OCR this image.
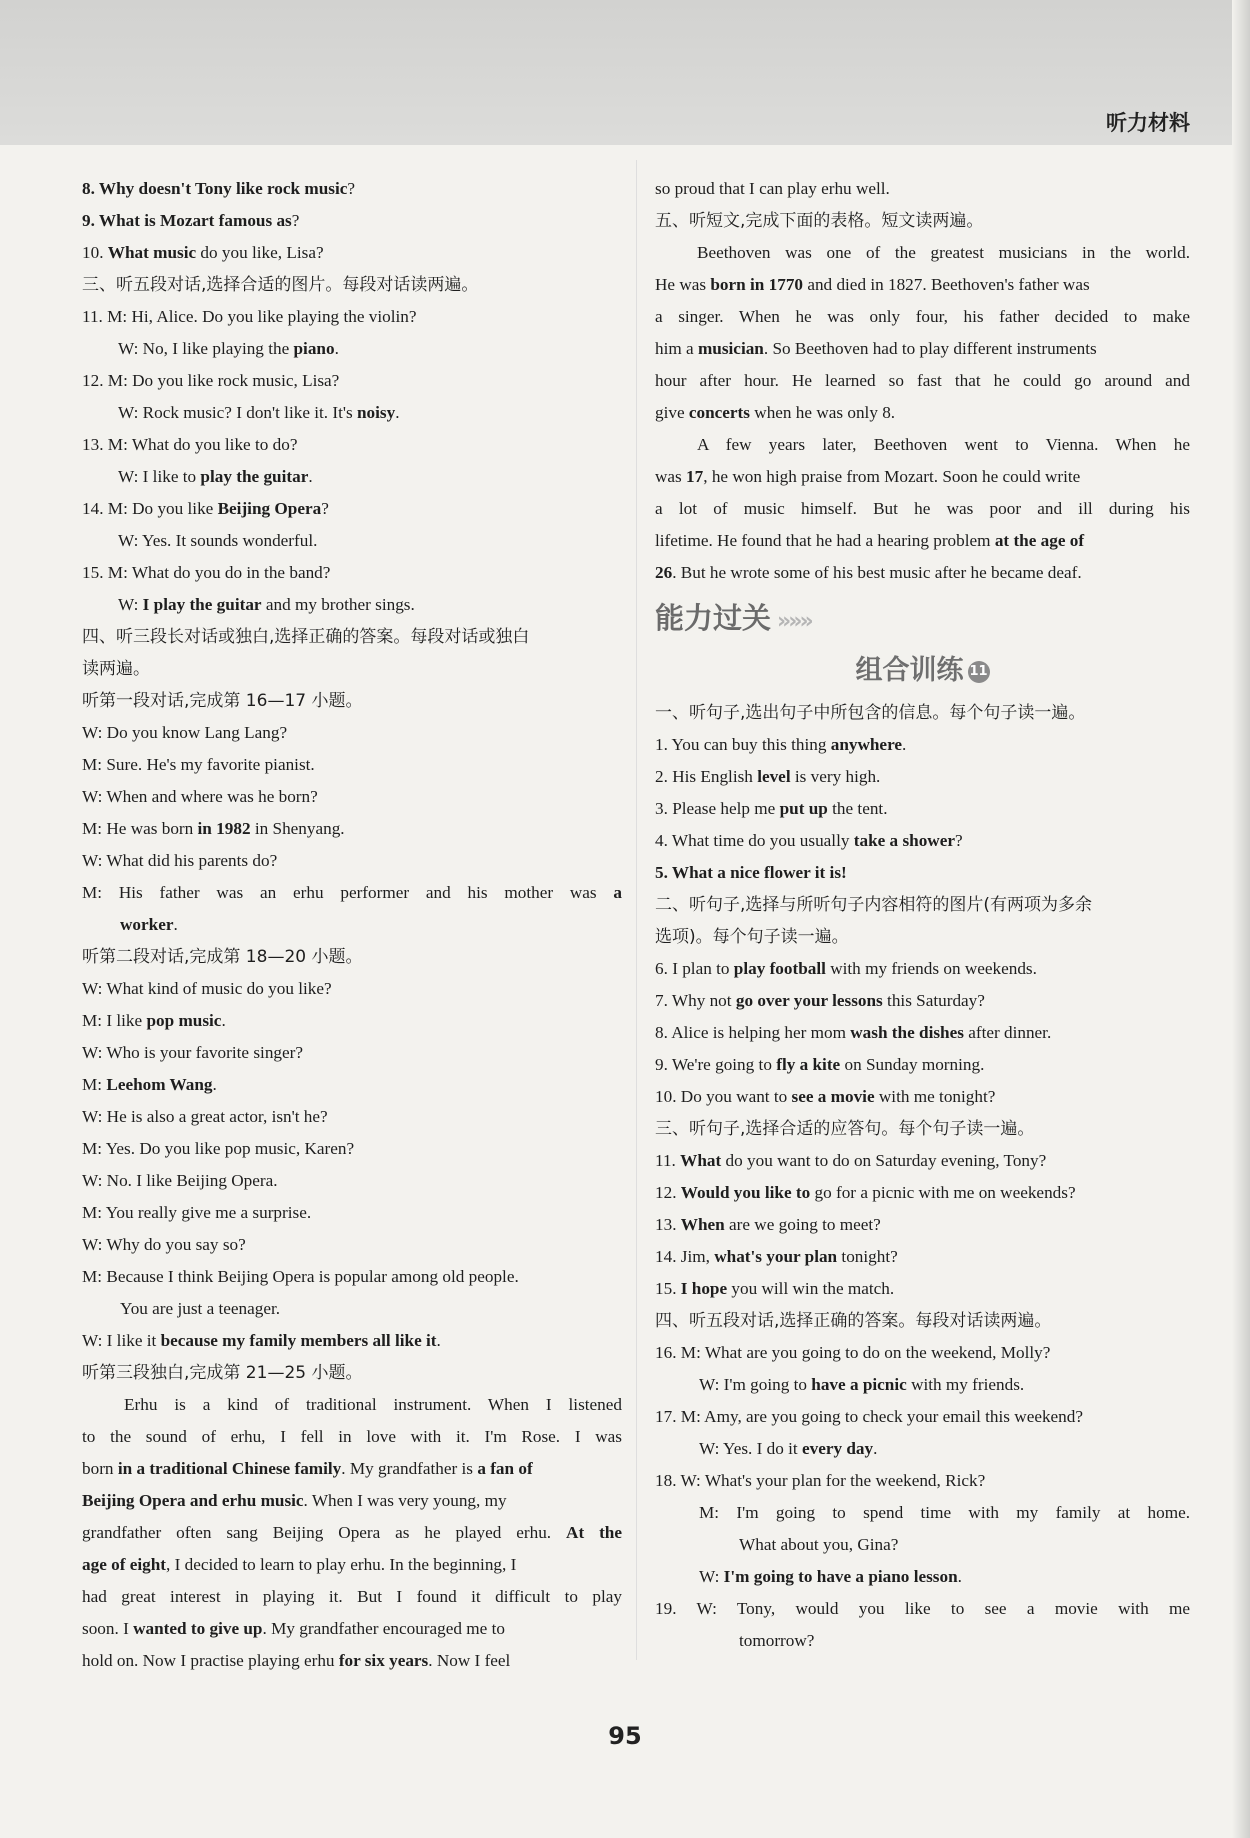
听力材料
8. Why doesn't Tony like rock music?
9. What is Mozart famous as?
10. What music do you like, Lisa?
三、听五段对话,选择合适的图片。每段对话读两遍。
11. M: Hi, Alice. Do you like playing the violin?
W: No, I like playing the piano.
12. M: Do you like rock music, Lisa?
W: Rock music? I don't like it. It's noisy.
13. M: What do you like to do?
W: I like to play the guitar.
14. M: Do you like Beijing Opera?
W: Yes. It sounds wonderful.
15. M: What do you do in the band?
W: I play the guitar and my brother sings.
四、听三段长对话或独白,选择正确的答案。每段对话或独白
读两遍。
听第一段对话,完成第 16—17 小题。
W: Do you know Lang Lang?
M: Sure. He's my favorite pianist.
W: When and where was he born?
M: He was born in 1982 in Shenyang.
W: What did his parents do?
M: His father was an erhu performer and his mother was a
worker.
听第二段对话,完成第 18—20 小题。
W: What kind of music do you like?
M: I like pop music.
W: Who is your favorite singer?
M: Leehom Wang.
W: He is also a great actor, isn't he?
M: Yes. Do you like pop music, Karen?
W: No. I like Beijing Opera.
M: You really give me a surprise.
W: Why do you say so?
M: Because I think Beijing Opera is popular among old people.
You are just a teenager.
W: I like it because my family members all like it.
听第三段独白,完成第 21—25 小题。
Erhu is a kind of traditional instrument. When I listened
to the sound of erhu, I fell in love with it. I'm Rose. I was
born in a traditional Chinese family. My grandfather is a fan of
Beijing Opera and erhu music. When I was very young, my
grandfather often sang Beijing Opera as he played erhu. At the
age of eight, I decided to learn to play erhu. In the beginning, I
had great interest in playing it. But I found it difficult to play
soon. I wanted to give up. My grandfather encouraged me to
hold on. Now I practise playing erhu for six years. Now I feel
so proud that I can play erhu well.
五、听短文,完成下面的表格。短文读两遍。
Beethoven was one of the greatest musicians in the world.
He was born in 1770 and died in 1827. Beethoven's father was
a singer. When he was only four, his father decided to make
him a musician. So Beethoven had to play different instruments
hour after hour. He learned so fast that he could go around and
give concerts when he was only 8.
A few years later, Beethoven went to Vienna. When he
was 17, he won high praise from Mozart. Soon he could write
a lot of music himself. But he was poor and ill during his
lifetime. He found that he had a hearing problem at the age of
26. But he wrote some of his best music after he became deaf.
能力过关 »»»
组合训练 11
一、听句子,选出句子中所包含的信息。每个句子读一遍。
1. You can buy this thing anywhere.
2. His English level is very high.
3. Please help me put up the tent.
4. What time do you usually take a shower?
5. What a nice flower it is!
二、听句子,选择与所听句子内容相符的图片(有两项为多余
选项)。每个句子读一遍。
6. I plan to play football with my friends on weekends.
7. Why not go over your lessons this Saturday?
8. Alice is helping her mom wash the dishes after dinner.
9. We're going to fly a kite on Sunday morning.
10. Do you want to see a movie with me tonight?
三、听句子,选择合适的应答句。每个句子读一遍。
11. What do you want to do on Saturday evening, Tony?
12. Would you like to go for a picnic with me on weekends?
13. When are we going to meet?
14. Jim, what's your plan tonight?
15. I hope you will win the match.
四、听五段对话,选择正确的答案。每段对话读两遍。
16. M: What are you going to do on the weekend, Molly?
W: I'm going to have a picnic with my friends.
17. M: Amy, are you going to check your email this weekend?
W: Yes. I do it every day.
18. W: What's your plan for the weekend, Rick?
M: I'm going to spend time with my family at home.
What about you, Gina?
W: I'm going to have a piano lesson.
19. W: Tony, would you like to see a movie with me
tomorrow?
95
